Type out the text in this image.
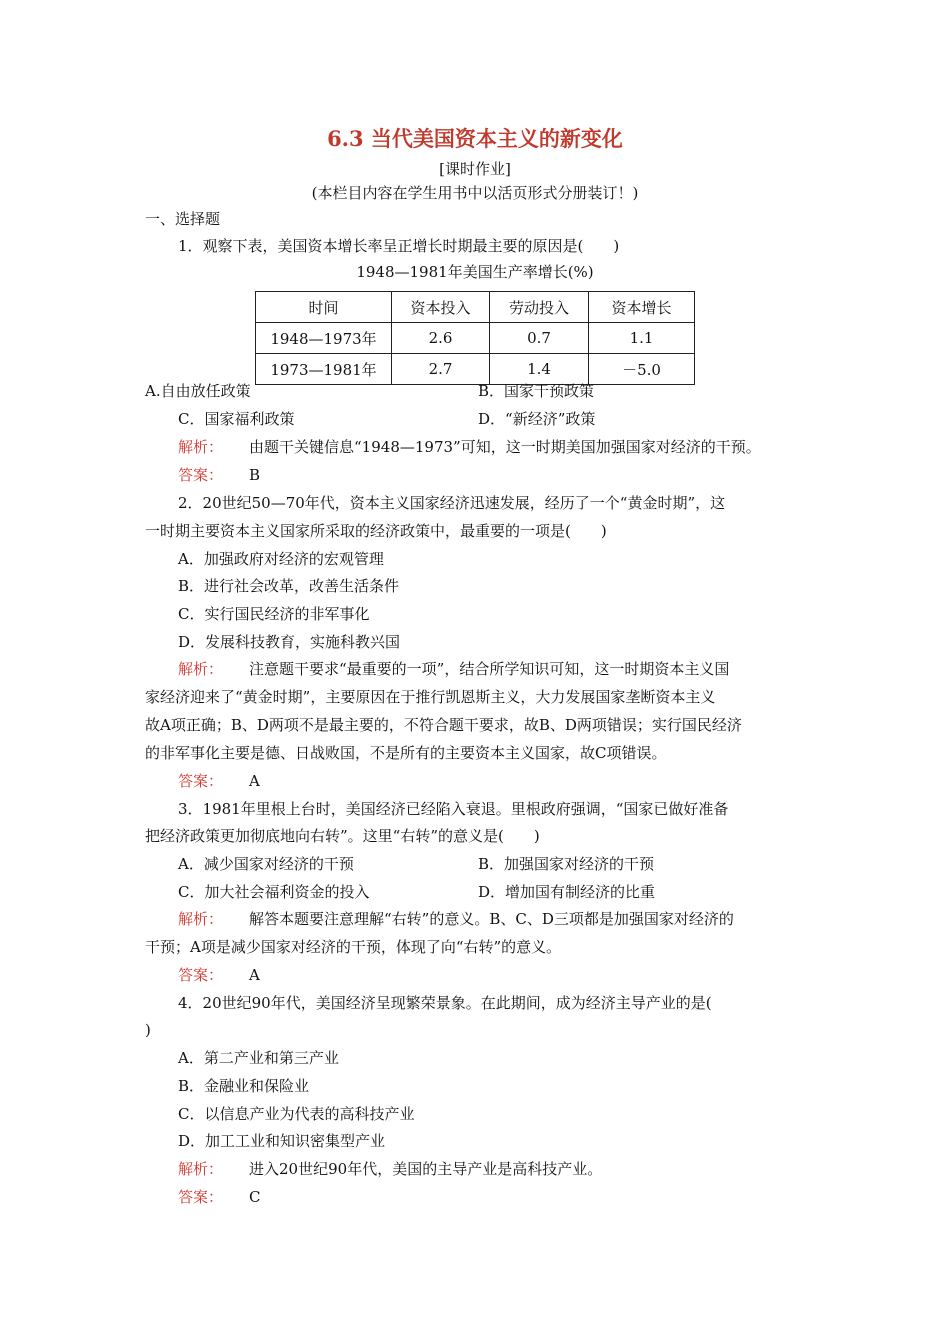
6.3 当代美国资本主义的新变化
[课时作业]
(本栏目内容在学生用书中以活页形式分册装订！)
一、选择题
1．观察下表，美国资本增长率呈正增长时期最主要的原因是(　　)
1948—1981年美国生产率增长(%)
时间	资本投入	劳动投入	资本增长
1948—1973年	2.6	0.7	1.1
1973—1981年	2.7	1.4	－5.0
A.自由放任政策	B．国家干预政策
C．国家福利政策	D．“新经济”政策
解析： 由题干关键信息“1948—1973”可知，这一时期美国加强国家对经济的干预。
答案： B
2．20世纪50—70年代，资本主义国家经济迅速发展，经历了一个“黄金时期”，这
一时期主要资本主义国家所采取的经济政策中，最重要的一项是(　　)
A．加强政府对经济的宏观管理
B．进行社会改革，改善生活条件
C．实行国民经济的非军事化
D．发展科技教育，实施科教兴国
解析： 注意题干要求“最重要的一项”，结合所学知识可知，这一时期资本主义国
家经济迎来了“黄金时期”，主要原因在于推行凯恩斯主义，大力发展国家垄断资本主义
故A项正确；B、D两项不是最主要的，不符合题干要求，故B、D两项错误；实行国民经济
的非军事化主要是德、日战败国，不是所有的主要资本主义国家，故C项错误。
答案： A
3．1981年里根上台时，美国经济已经陷入衰退。里根政府强调，“国家已做好准备
把经济政策更加彻底地向右转”。这里“右转”的意义是(　　)
A．减少国家对经济的干预	B．加强国家对经济的干预
C．加大社会福利资金的投入	D．增加国有制经济的比重
解析： 解答本题要注意理解“右转”的意义。B、C、D三项都是加强国家对经济的
干预；A项是减少国家对经济的干预，体现了向“右转”的意义。
答案： A
4．20世纪90年代，美国经济呈现繁荣景象。在此期间，成为经济主导产业的是(
)
A．第二产业和第三产业
B．金融业和保险业
C．以信息产业为代表的高科技产业
D．加工工业和知识密集型产业
解析： 进入20世纪90年代，美国的主导产业是高科技产业。
答案： C
